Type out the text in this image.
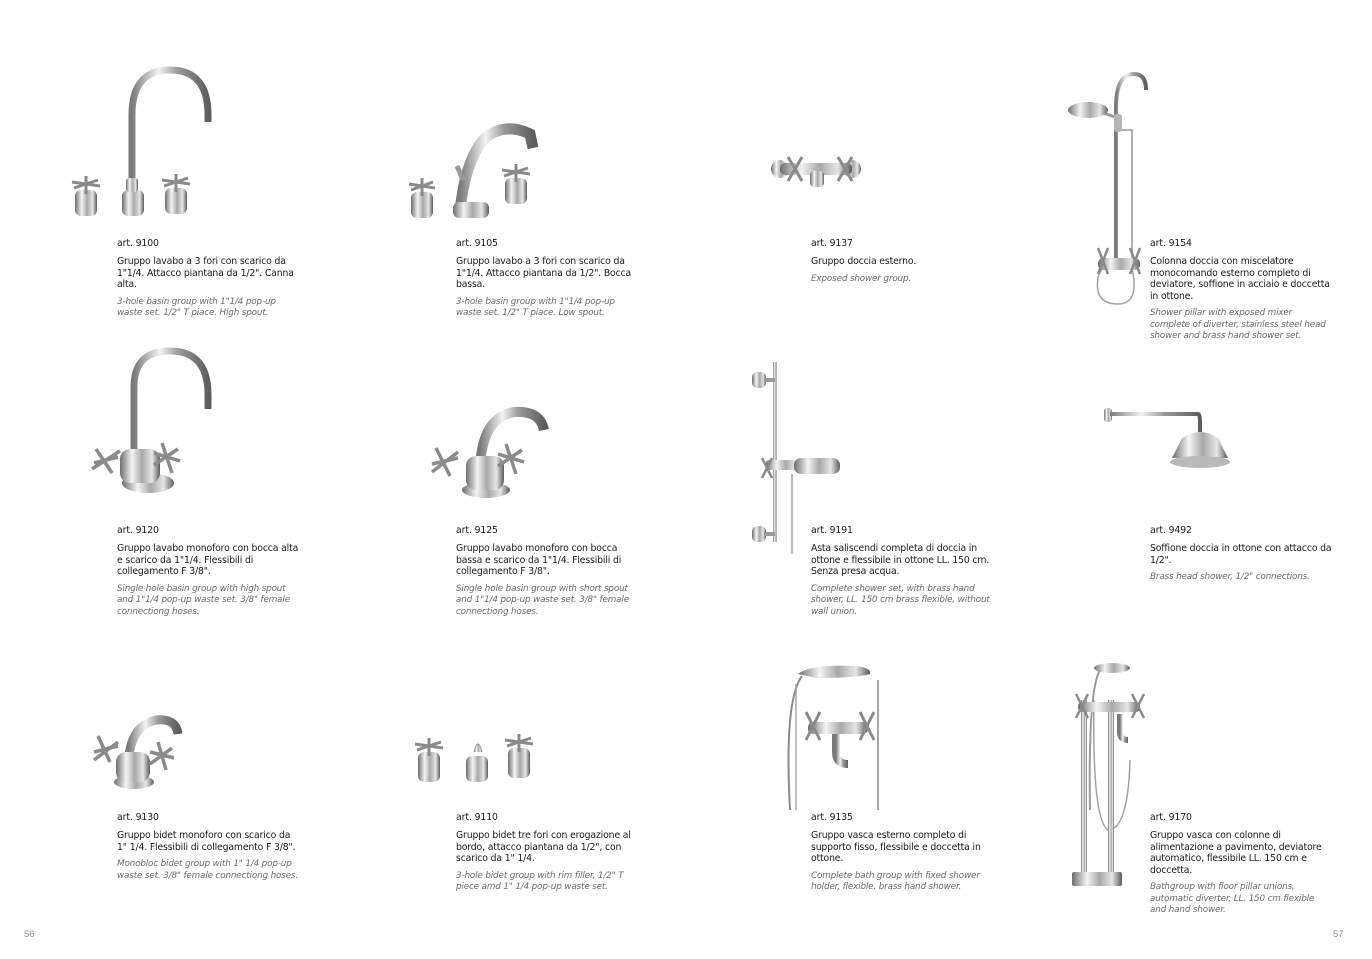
art. 9100

Gruppo lavabo a 3 fori con scarico da 1"1/4. Attacco piantana da 1/2". Canna alta.

3-hole basin group with 1"1/4 pop-up waste set. 1/2" T piace. High spout.

art. 9105

Gruppo lavabo a 3 fori con scarico da 1"1/4. Attacco piantana da 1/2". Bocca bassa.

3-hole basin group with 1"1/4 pop-up waste set. 1/2" T piace. Low spout.

art. 9137

Gruppo doccia esterno.

Exposed shower group.

art. 9154

Colonna doccia con miscelatore monocomando esterno completo di deviatore, soffione in acciaio e doccetta in ottone.

Shower pillar with exposed mixer complete of diverter, stainless steel head shower and brass hand shower set.

art. 9120

Gruppo lavabo monoforo con bocca alta e scarico da 1"1/4. Flessibili di collegamento F 3/8".

Single hole basin group with high spout and 1"1/4 pop-up waste set. 3/8" female connectiong hoses.

art. 9125

Gruppo lavabo monoforo con bocca bassa e scarico da 1"1/4. Flessibili di collegamento F 3/8".

Single hole basin group with short spout and 1"1/4 pop-up waste set. 3/8" female connectiong hoses.

art. 9191

Asta saliscendi completa di doccia in ottone e flessibile in ottone LL. 150 cm. Senza presa acqua.

Complete shower set, with brass hand shower, LL. 150 cm brass flexible, without wall union.

art. 9492

Soffione doccia in ottone con attacco da 1/2".

Brass head shower, 1/2" connections.

art. 9130

Gruppo bidet monoforo con scarico da 1" 1/4. Flessibili di collegamento F 3/8".

Monobloc bidet group with 1" 1/4 pop-up waste set. 3/8" female connectiong hoses.

art. 9110

Gruppo bidet tre fori con erogazione al bordo, attacco piantana da 1/2", con scarico da 1" 1/4.

3-hole bidet group with rim filler, 1/2" T piece amd 1" 1/4 pop-up waste set.

art. 9135

Gruppo vasca esterno completo di supporto fisso, flessibile e doccetta in ottone.

Complete bath group with fixed shower holder, flexible, brass hand shower.

art. 9170

Gruppo vasca con colonne di alimentazione a pavimento, deviatore automatico, flessibile LL. 150 cm e doccetta.

Bathgroup with floor pillar unions, automatic diverter, LL. 150 cm flexible and hand shower.

56	57
